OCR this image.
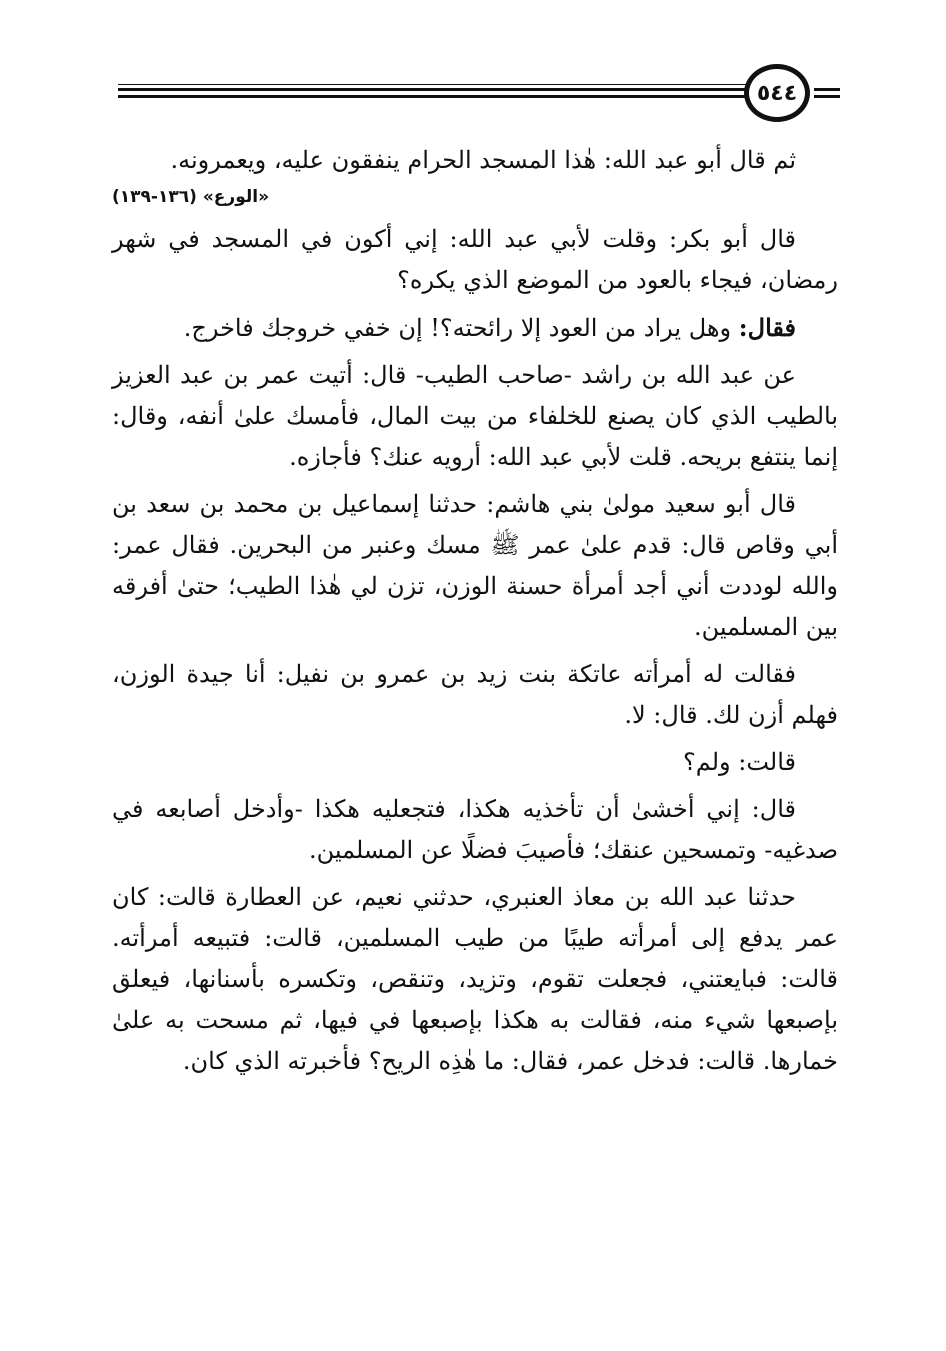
٥٤٤

ثم قال أبو عبد الله: هٰذا المسجد الحرام ينفقون عليه، ويعمرونه.

«الورع» (١٣٦-١٣٩)

قال أبو بكر: وقلت لأبي عبد الله: إني أكون في المسجد في شهر رمضان، فيجاء بالعود من الموضع الذي يكره؟

فقال: وهل يراد من العود إلا رائحته؟! إن خفي خروجك فاخرج.

عن عبد الله بن راشد -صاحب الطيب- قال: أتيت عمر بن عبد العزيز بالطيب الذي كان يصنع للخلفاء من بيت المال، فأمسك علىٰ أنفه، وقال: إنما ينتفع بريحه. قلت لأبي عبد الله: أرويه عنك؟ فأجازه.

قال أبو سعيد مولىٰ بني هاشم: حدثنا إسماعيل بن محمد بن سعد بن أبي وقاص قال: قدم علىٰ عمر ﷺ مسك وعنبر من البحرين. فقال عمر: والله لوددت أني أجد أمرأة حسنة الوزن، تزن لي هٰذا الطيب؛ حتىٰ أفرقه بين المسلمين.

فقالت له أمرأته عاتكة بنت زيد بن عمرو بن نفيل: أنا جيدة الوزن، فهلم أزن لك. قال: لا.

قالت: ولم؟

قال: إني أخشىٰ أن تأخذيه هكذا، فتجعليه هكذا -وأدخل أصابعه في صدغيه- وتمسحين عنقك؛ فأصيبَ فضلًا عن المسلمين.

حدثنا عبد الله بن معاذ العنبري، حدثني نعيم، عن العطارة قالت: كان عمر يدفع إلى أمرأته طيبًا من طيب المسلمين، قالت: فتبيعه أمرأته. قالت: فبايعتني، فجعلت تقوم، وتزيد، وتنقص، وتكسره بأسنانها، فيعلق بإصبعها شيء منه، فقالت به هكذا بإصبعها في فيها، ثم مسحت به علىٰ خمارها. قالت: فدخل عمر، فقال: ما هٰذِه الريح؟ فأخبرته الذي كان.
